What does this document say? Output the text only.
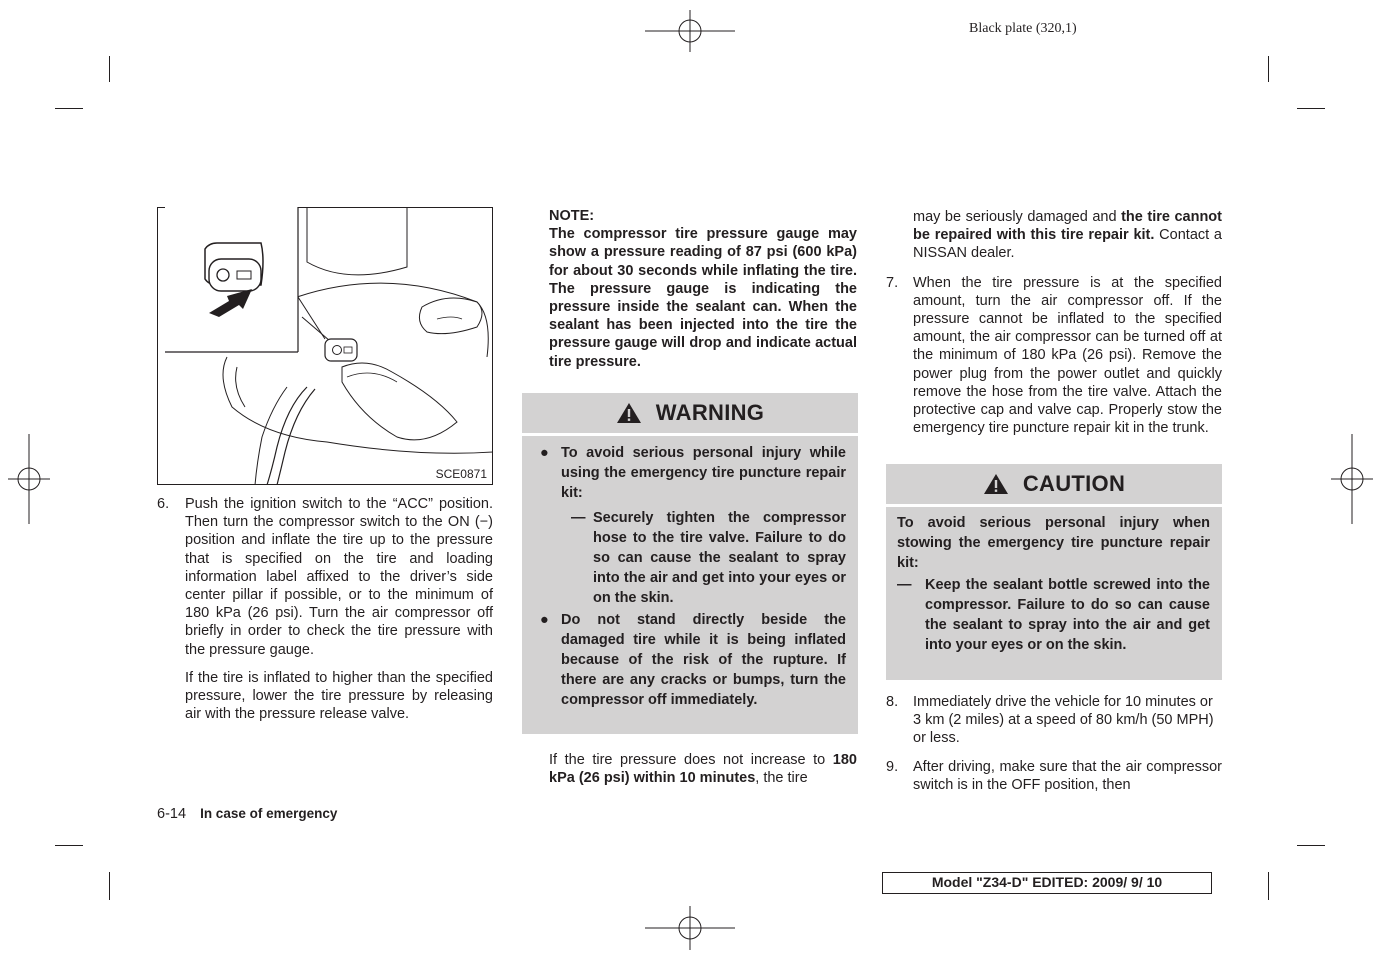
Black plate (320,1)
SCE0871
6. Push the ignition switch to the “ACC” position. Then turn the compressor switch to the ON (−) position and inflate the tire up to the pressure that is specified on the tire and loading information label affixed to the driver’s side center pillar if possible, or to the minimum of 180 kPa (26 psi). Turn the air compressor off briefly in order to check the tire pressure with the pressure gauge.

If the tire is inflated to higher than the specified pressure, lower the tire pressure by releasing air with the pressure release valve.

NOTE:

The compressor tire pressure gauge may show a pressure reading of 87 psi (600 kPa) for about 30 seconds while inflating the tire. The pressure gauge is indicating the pressure inside the sealant can. When the sealant has been injected into the tire the pressure gauge will drop and indicate actual tire pressure.

WARNING
● To avoid serious personal injury while using the emergency tire puncture repair kit:

— Securely tighten the compressor hose to the tire valve. Failure to do so can cause the sealant to spray into the air and get into your eyes or on the skin.

● Do not stand directly beside the damaged tire while it is being inflated because of the risk of the rupture. If there are any cracks or bumps, turn the compressor off immediately.

If the tire pressure does not increase to 180 kPa (26 psi) within 10 minutes, the tire

may be seriously damaged and the tire cannot be repaired with this tire repair kit. Contact a NISSAN dealer.

7. When the tire pressure is at the specified amount, turn the air compressor off. If the pressure cannot be inflated to the specified amount, the air compressor can be turned off at the minimum of 180 kPa (26 psi). Remove the power plug from the power outlet and quickly remove the hose from the tire valve. Attach the protective cap and valve cap. Properly stow the emergency tire puncture repair kit in the trunk.

CAUTION

To avoid serious personal injury when stowing the emergency tire puncture repair kit:

— Keep the sealant bottle screwed into the compressor. Failure to do so can cause the sealant to spray into the air and get into your eyes or on the skin.

8. Immediately drive the vehicle for 10 minutes or 3 km (2 miles) at a speed of 80 km/h (50 MPH) or less.

9. After driving, make sure that the air compressor switch is in the OFF position, then

6-14 In case of emergency
Model "Z34-D" EDITED: 2009/ 9/ 10
